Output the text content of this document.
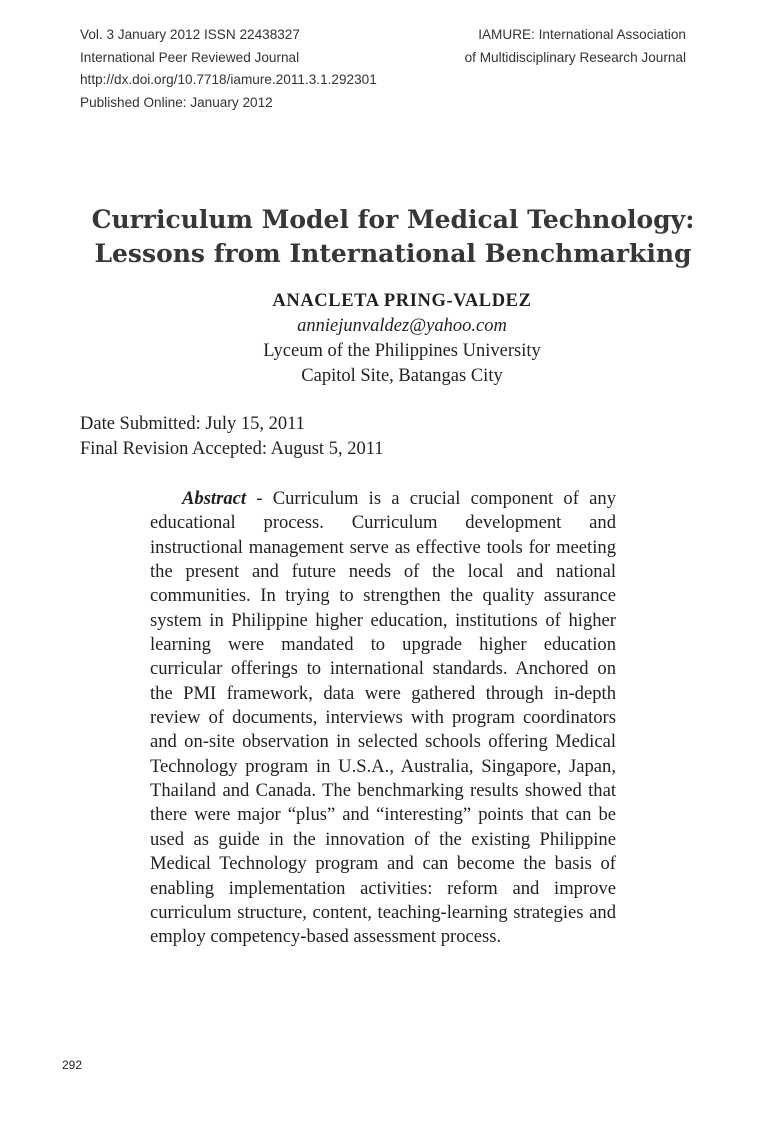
Vol. 3 January 2012 ISSN 22438327
International Peer Reviewed Journal
http://dx.doi.org/10.7718/iamure.2011.3.1.292301
Published Online: January 2012
IAMURE: International Association
of Multidisciplinary Research Journal
Curriculum Model for Medical Technology:
Lessons from International Benchmarking
ANACLETA PRING-VALDEZ
anniejunvaldez@yahoo.com
Lyceum of the Philippines University
Capitol Site, Batangas City
Date Submitted: July 15, 2011
Final Revision Accepted: August 5, 2011

Abstract - Curriculum is a crucial component of any educational process. Curriculum development and instructional management serve as effective tools for meeting the present and future needs of the local and national communities. In trying to strengthen the quality assurance system in Philippine higher education, institutions of higher learning were mandated to upgrade higher education curricular offerings to international standards. Anchored on the PMI framework, data were gathered through in-depth review of documents, interviews with program coordinators and on-site observation in selected schools offering Medical Technology program in U.S.A., Australia, Singapore, Japan, Thailand and Canada. The benchmarking results showed that there were major “plus” and “interesting” points that can be used as guide in the innovation of the existing Philippine Medical Technology program and can become the basis of enabling implementation activities: reform and improve curriculum structure, content, teaching-learning strategies and employ competency-based assessment process.

292
